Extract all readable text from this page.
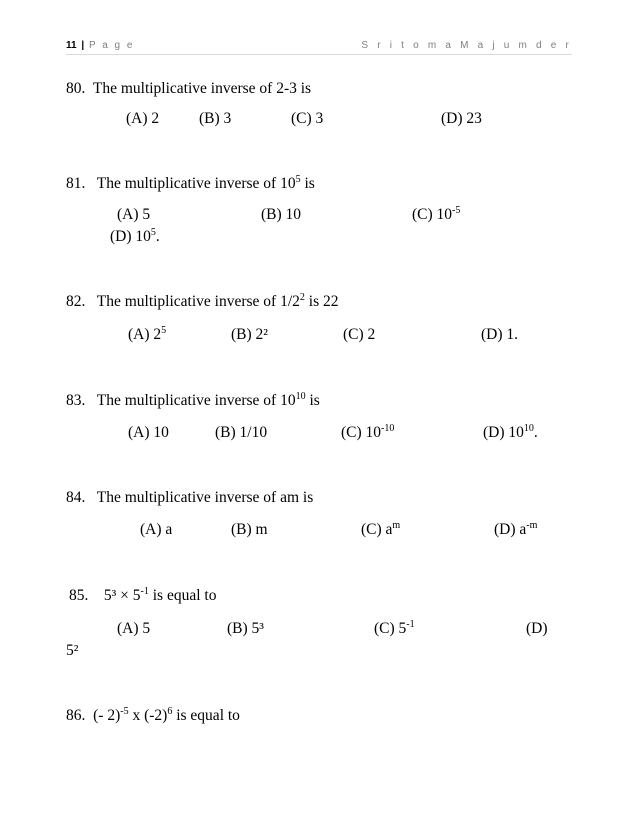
11 | P a g e	S r i t o m a M a j u m d e r
80. The multiplicative inverse of 2-3 is
(A) 2	(B) 3	(C) 3	(D) 23
81. The multiplicative inverse of $10^5$ is
(A) 5	(B) 10	(C) $10^{-5}$
(D) $10^5$.
82. The multiplicative inverse of $1/2^2$ is 22
(A) $2^5$	(B) 2²	(C) 2	(D) 1.
83. The multiplicative inverse of $10^{10}$ is
(A) 10	(B) 1/10	(C) $10^{-10}$	(D) $10^{10}$.
84. The multiplicative inverse of am is
(A) a	(B) m	(C) $a^m$	(D) $a^{-m}$
85. $5^3 \times 5^{-1}$ is equal to
(A) 5	(B) 5³	(C) $5^{-1}$	(D)
5²
86. (- 2)$^{-5}$ x $(-2)^6$ is equal to
